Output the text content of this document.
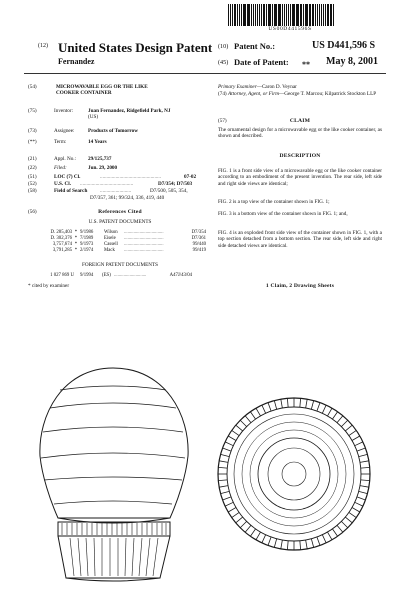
US00D441596S
(12) United States Design Patent
Fernandez
(10) Patent No.:	US D441,596 S
(45) Date of Patent: ** May 8, 2001
(54)	MICROWAVABLE EGG OR THE LIKE
COOKER CONTAINER
(75)	Inventor:	Juan Fernandez, Ridgefield Park, NJ
(US)
(73)	Assignee:	Products of Tomorrow
(**)	Term:	14 Years
(21)	Appl. No.: 29/125,737
(22)	Filed:	Jun. 29, 2000
(51)	LOC (7) Cl.	...............................................	07-02
(52)	U.S. Cl. .........................................	D7/354; D7/503
(58)	Field of Search ........................	D7/500, 505, 354,
D7/357, 361; 99/324, 336, 419, 440
(56)	References Cited
U.S. PATENT DOCUMENTS
D. 285,403 * 9/1986	Wilson	.................................	D7/354
D. 302,376 * 7/1989	Eisele	.................................	D7/361
3,757,674 * 9/1973	Cassell	.................................	99/440
3,791,285 * 2/1974	Mack	.................................	99/419
FOREIGN PATENT DOCUMENTS
1 027 869 U 9/1994	(ES) ...........................	A47J/43/04
* cited by examiner
Primary Examiner—Caron D. Veynar
(74) Attorney, Agent, or Firm—George T. Marcou; Kilpatrick Stockton LLP
(57)	CLAIM
The ornamental design for a microwavable egg or the like cooker container, as shown and described.
DESCRIPTION
FIG. 1 is a front side view of a microwavable egg or the like cooker container according to an embodiment of the present invention. The rear side, left side and right side views are identical;
FIG. 2 is a top view of the container shown in FIG. 1;
FIG. 3 is a bottom view of the container shown in FIG. 1; and,
FIG. 4 is an exploded front side view of the container shown in FIG. 1, with a top section detached from a bottom section. The rear side, left side and right side detached views are identical.
1 Claim, 2 Drawing Sheets
